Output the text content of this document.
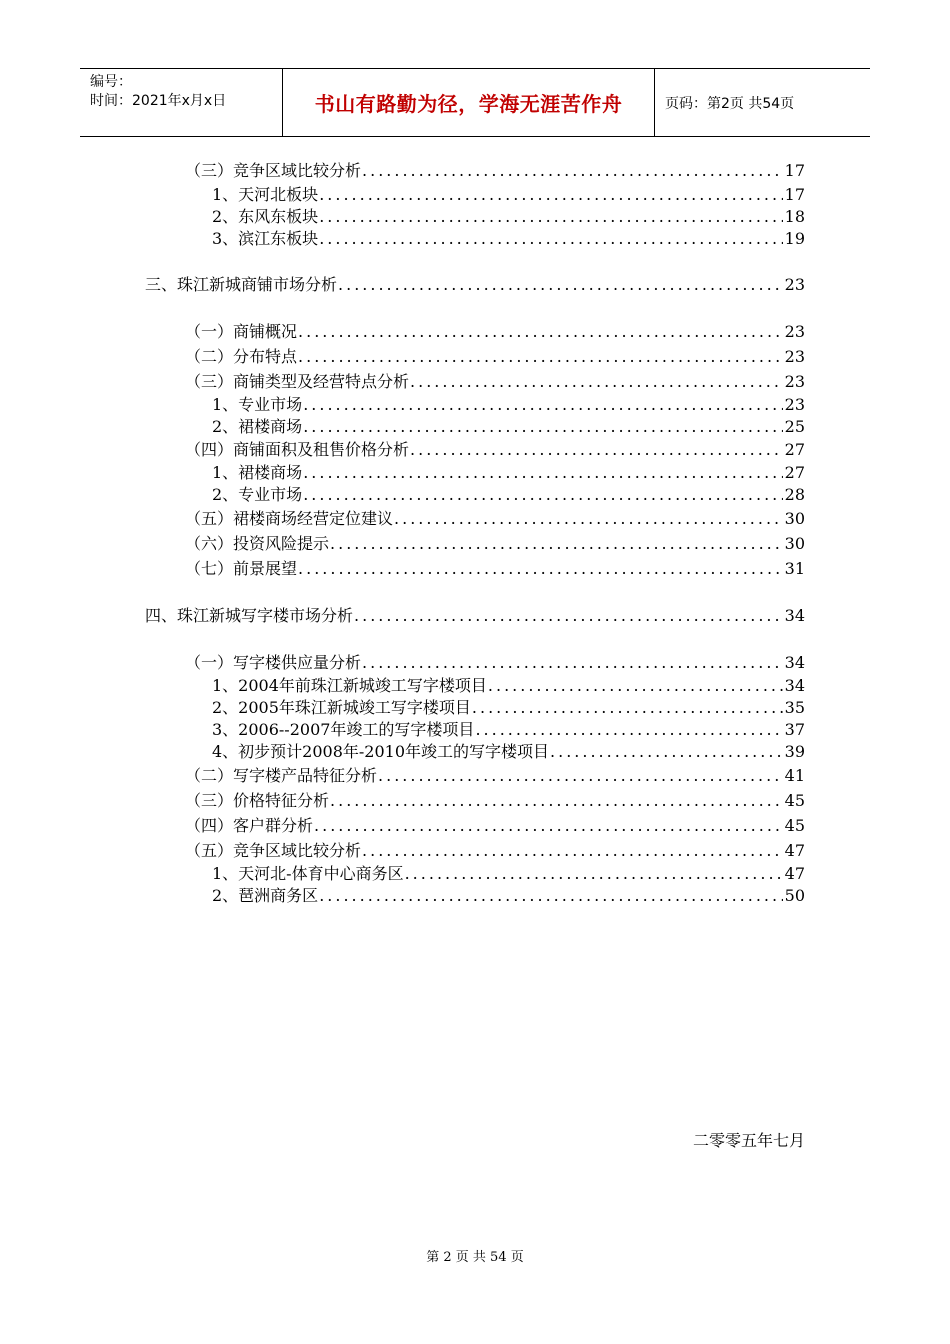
编号：
时间：2021年x月x日	书山有路勤为径，学海无涯苦作舟	页码：第2页 共54页
（三）竞争区域比较分析 .....	17
1、天河北板块 .....	17
2、东风东板块 .....	18
3、滨江东板块 .....	19
三、珠江新城商铺市场分析 .....	23
（一）商铺概况 .....	23
（二）分布特点 .....	23
（三）商铺类型及经营特点分析 .....	23
1、专业市场 .....	23
2、裙楼商场 .....	25
（四）商铺面积及租售价格分析 .....	27
1、裙楼商场 .....	27
2、专业市场 .....	28
（五）裙楼商场经营定位建议 .....	30
（六）投资风险提示 .....	30
（七）前景展望 .....	31
四、珠江新城写字楼市场分析 .....	34
（一）写字楼供应量分析 .....	34
1、2004年前珠江新城竣工写字楼项目 .....	34
2、2005年珠江新城竣工写字楼项目 .....	35
3、2006--2007年竣工的写字楼项目 .....	37
4、初步预计2008年-2010年竣工的写字楼项目 .....	39
（二）写字楼产品特征分析 .....	41
（三）价格特征分析 .....	45
（四）客户群分析 .....	45
（五）竞争区域比较分析 .....	47
1、天河北-体育中心商务区 .....	47
2、琶洲商务区 .....	50
二零零五年七月
第 2 页 共 54 页
